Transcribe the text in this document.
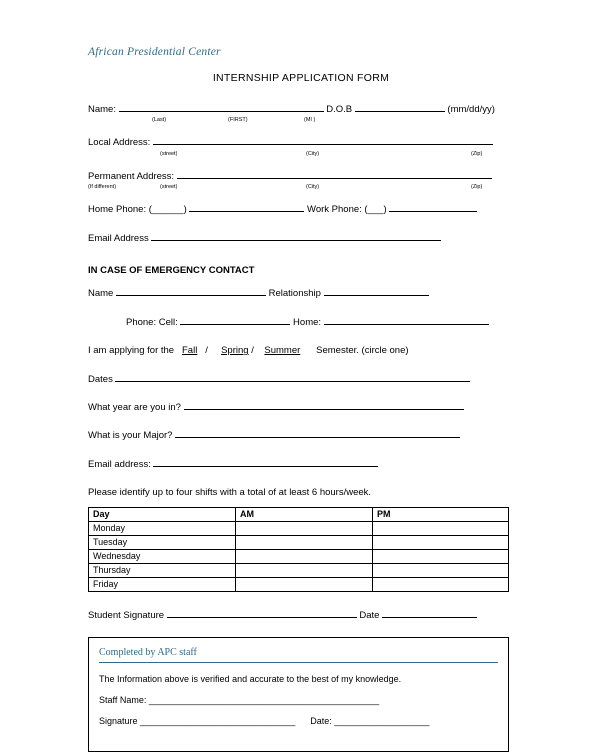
African Presidential Center
INTERNSHIP APPLICATION FORM
Name:	D.O.B	(mm/dd/yy)
(Last)	(FIRST)	(MI )
Local Address:
(street)	(City)	(Zip)
Permanent Address:
(If different)	(street)	(City)	(Zip)
Home Phone: (______)	Work Phone: (___)
Email Address
IN CASE OF EMERGENCY CONTACT
Name	Relationship
Phone: Cell:	Home:
I am applying for the Fall / Spring / Summer Semester. (circle one)
Dates
What year are you in?
What is your Major?
Email address:
Please identify up to four shifts with a total of at least 6 hours/week.
Day	AM	PM
Monday		
Tuesday		
Wednesday		
Thursday		
Friday		
Student Signature	Date
Completed by APC staff
The Information above is verified and accurate to the best of my knowledge.
Staff Name: ______________________________________________
Signature _______________________________ Date: ___________________
